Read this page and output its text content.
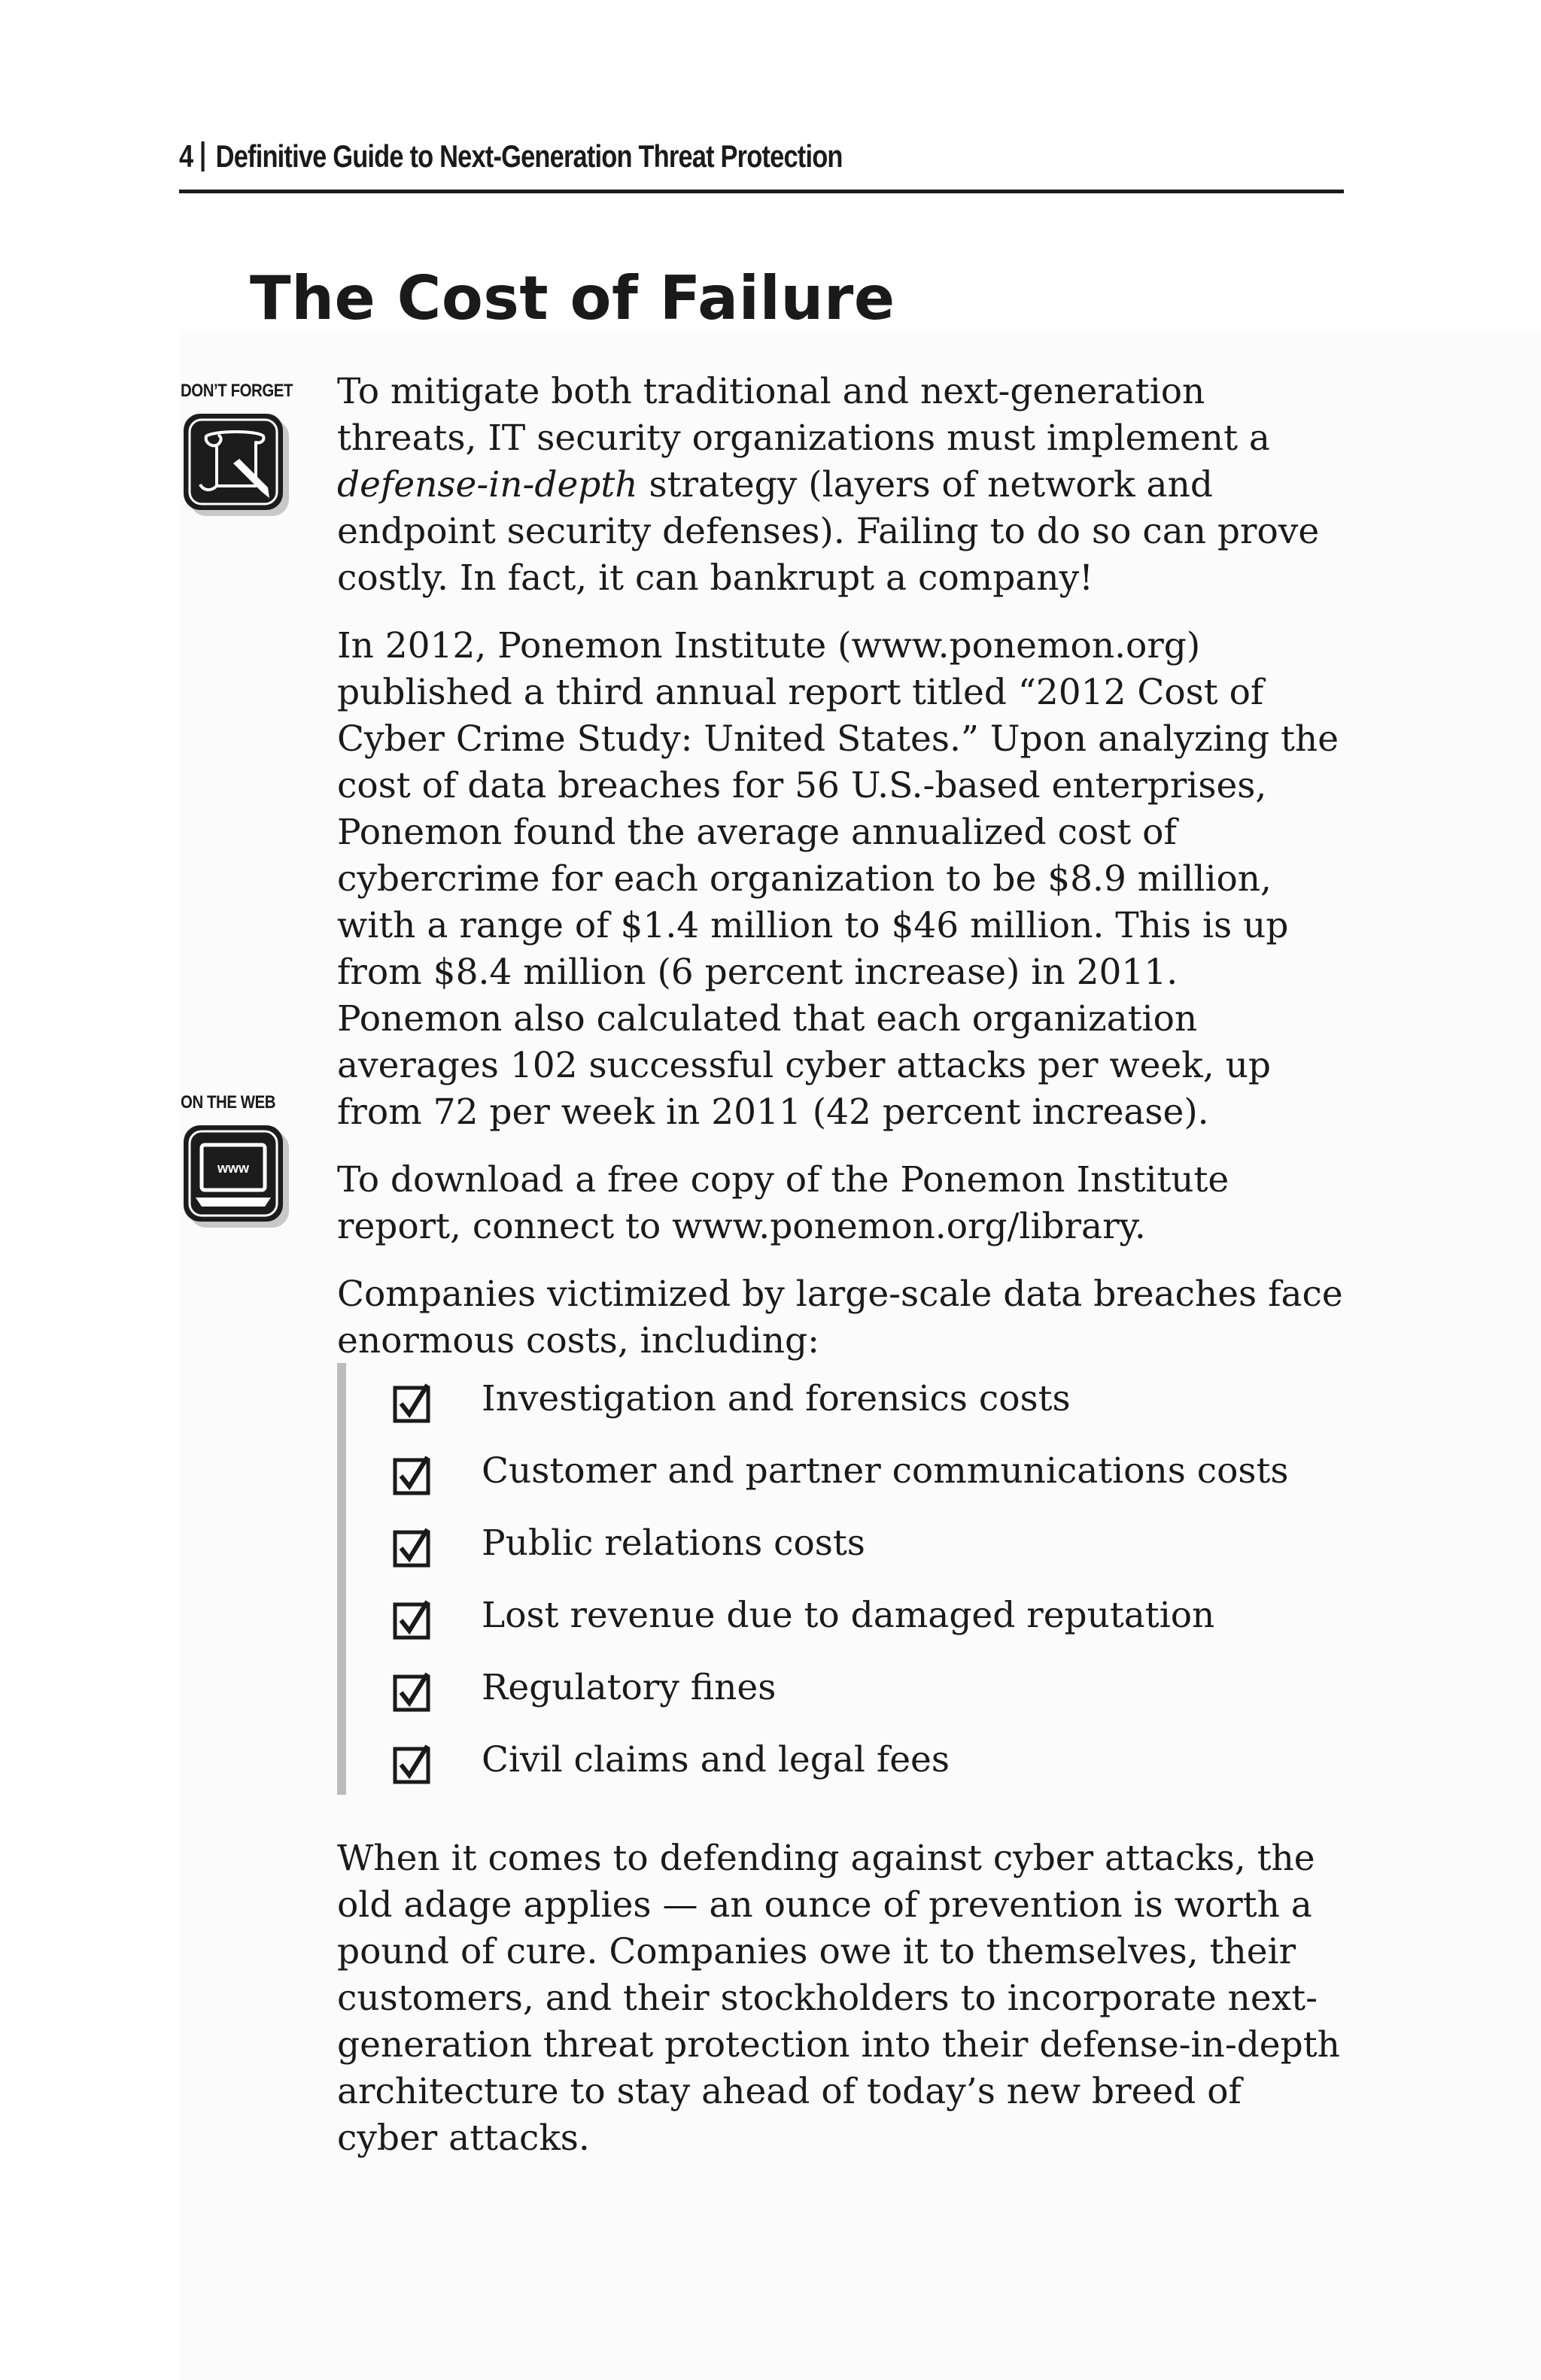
4 Definitive Guide to Next-Generation Threat Protection
The Cost of Failure
DON’T FORGET
ON THE WEB
www

To mitigate both traditional and next-generation threats, IT security organizations must implement a defense-in-depth strategy (layers of network and endpoint security defenses). Failing to do so can prove costly. In fact, it can bankrupt a company!

In 2012, Ponemon Institute (www.ponemon.org) published a third annual report titled “2012 Cost of Cyber Crime Study: United States.” Upon analyzing the cost of data breaches for 56 U.S.-based enterprises, Ponemon found the average annualized cost of cybercrime for each organization to be $8.9 million, with a range of $1.4 million to $46 million. This is up from $8.4 million (6 percent increase) in 2011. Ponemon also calculated that each organization averages 102 successful cyber attacks per week, up from 72 per week in 2011 (42 percent increase).

To download a free copy of the Ponemon Institute report, connect to www.ponemon.org/library.

Companies victimized by large-scale data breaches face enormous costs, including:

Investigation and forensics costs
Customer and partner communications costs
Public relations costs
Lost revenue due to damaged reputation
Regulatory fines
Civil claims and legal fees

When it comes to defending against cyber attacks, the old adage applies — an ounce of prevention is worth a pound of cure. Companies owe it to themselves, their customers, and their stockholders to incorporate next-generation threat protection into their defense-in-depth architecture to stay ahead of today’s new breed of cyber attacks.
